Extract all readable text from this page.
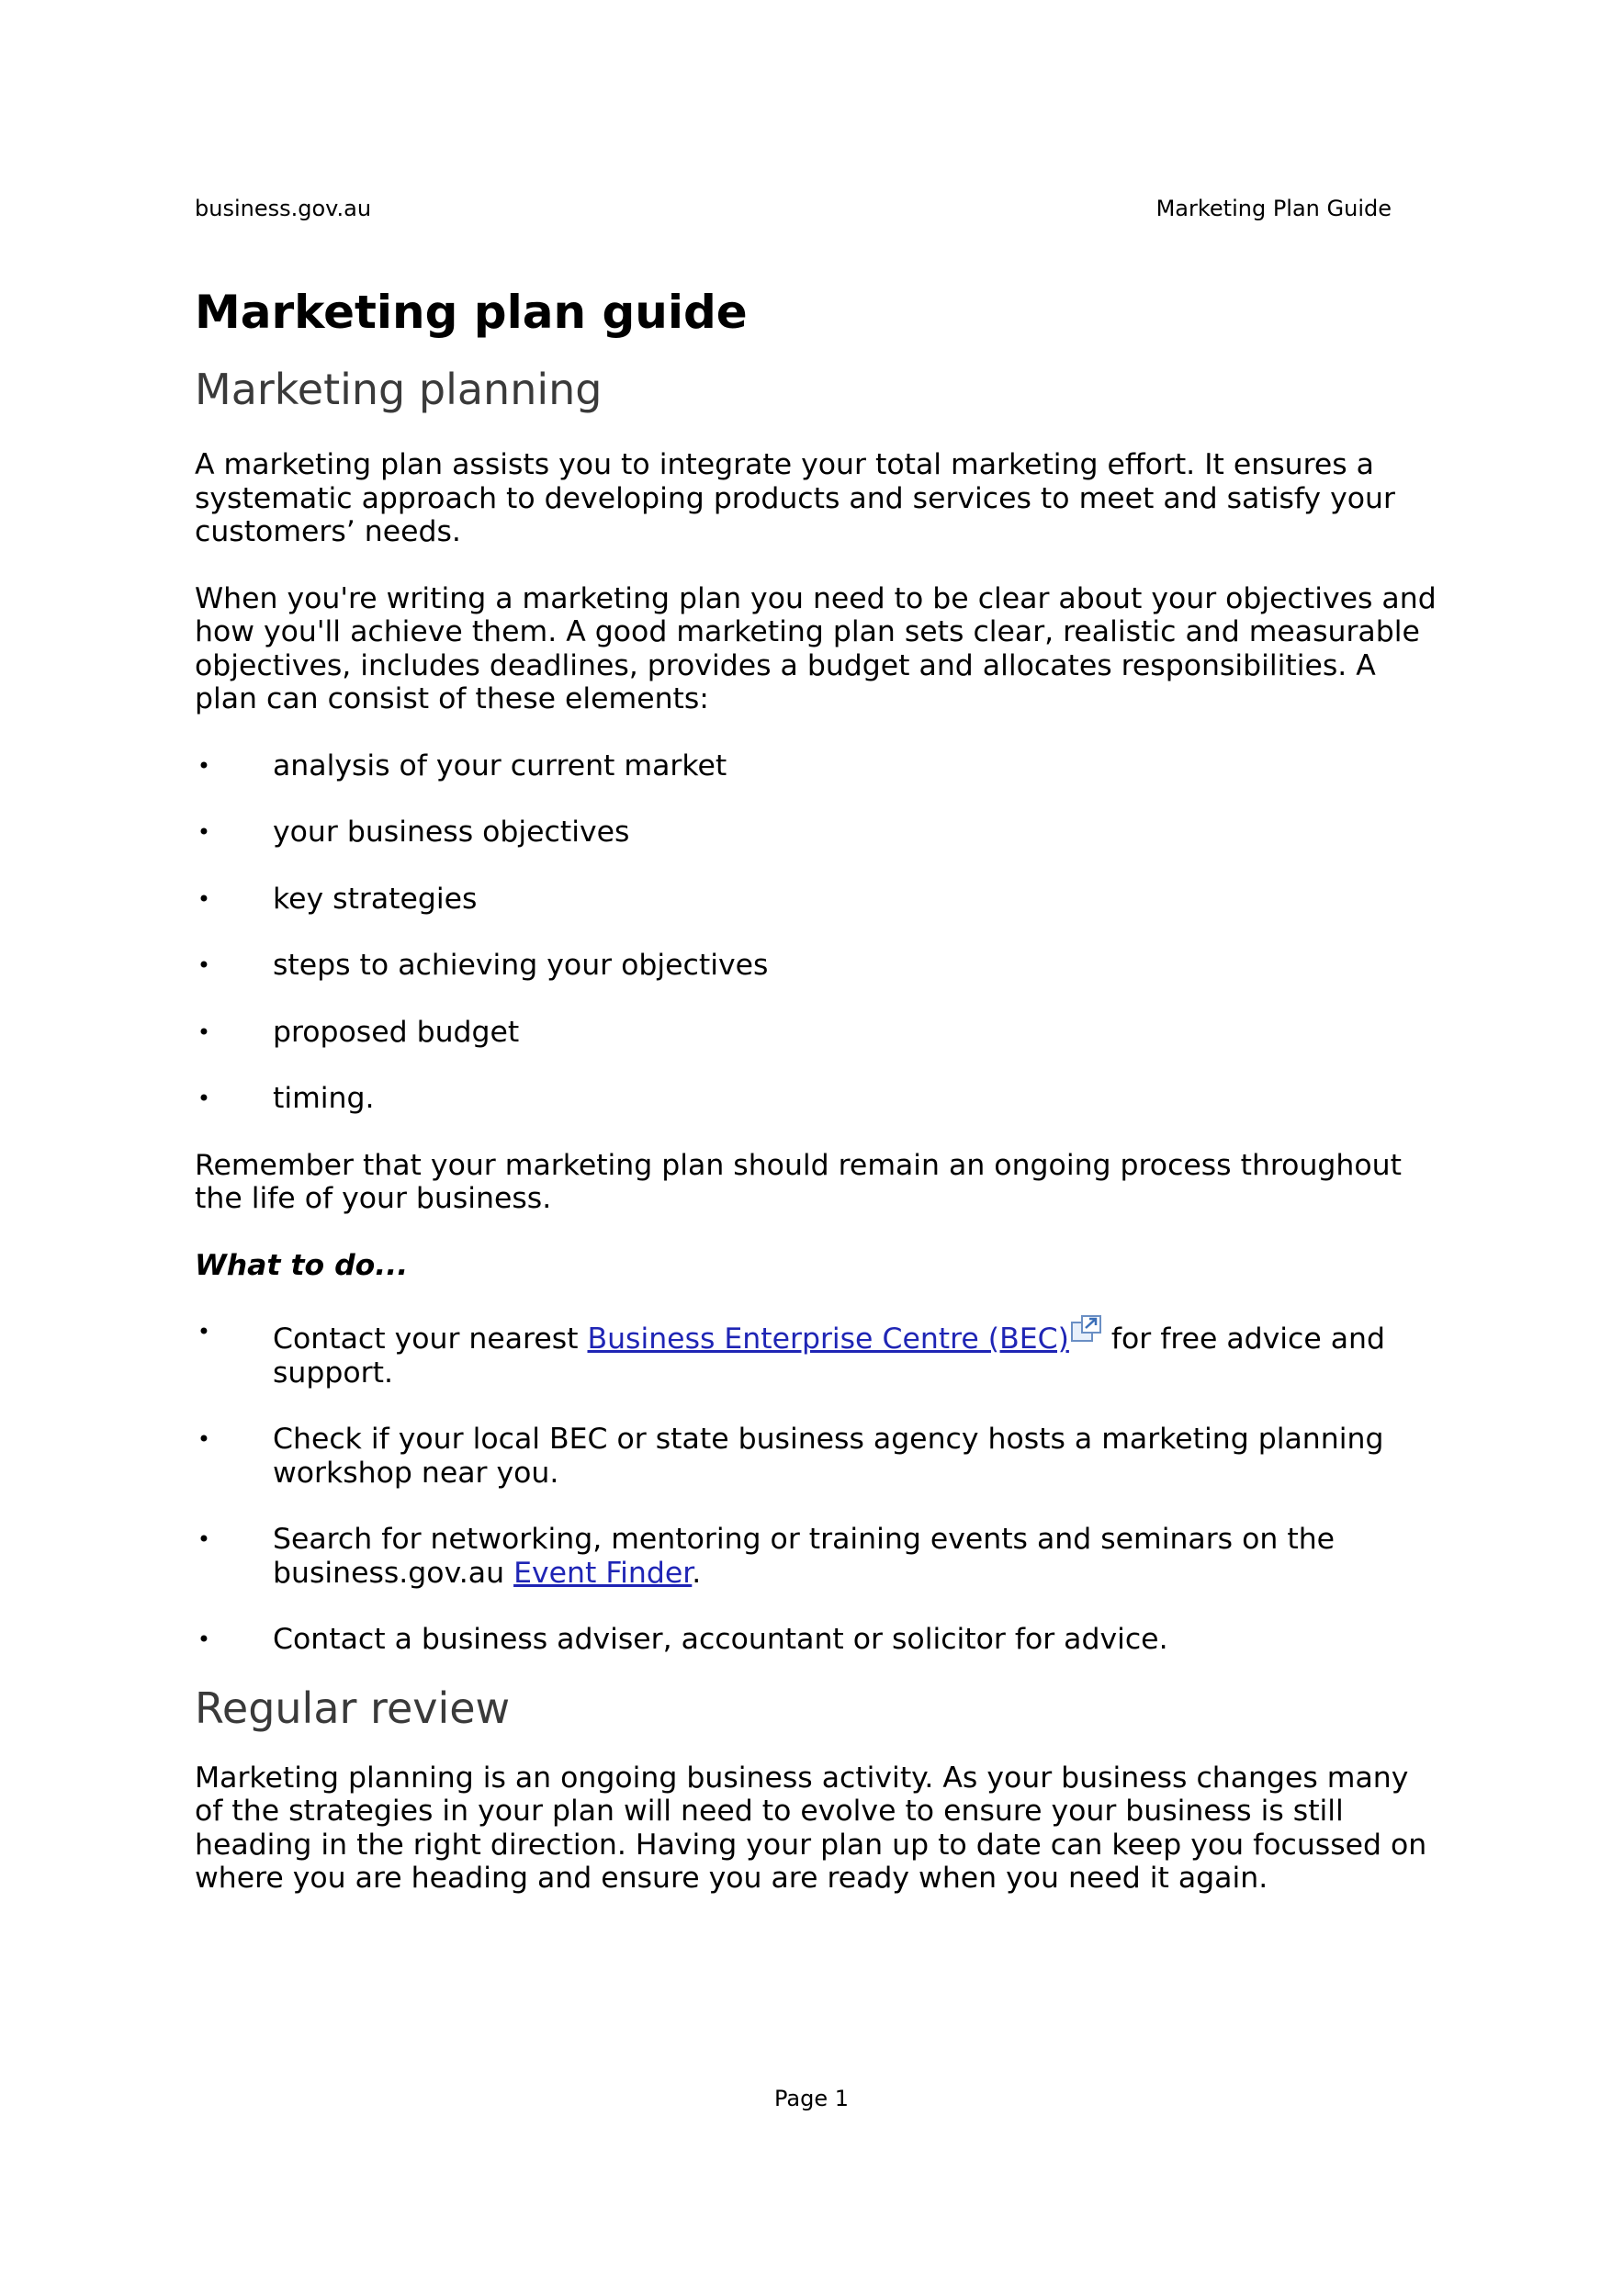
business.gov.au	Marketing Plan Guide
Marketing plan guide
Marketing planning

A marketing plan assists you to integrate your total marketing effort. It ensures a systematic approach to developing products and services to meet and satisfy your customers’ needs.

When you're writing a marketing plan you need to be clear about your objectives and how you'll achieve them. A good marketing plan sets clear, realistic and measurable objectives, includes deadlines, provides a budget and allocates responsibilities. A plan can consist of these elements:

• analysis of your current market
• your business objectives
• key strategies
• steps to achieving your objectives
• proposed budget
• timing.

Remember that your marketing plan should remain an ongoing process throughout the life of your business.

What to do...

• Contact your nearest Business Enterprise Centre (BEC) for free advice and support.
• Check if your local BEC or state business agency hosts a marketing planning workshop near you.
• Search for networking, mentoring or training events and seminars on the business.gov.au Event Finder.
• Contact a business adviser, accountant or solicitor for advice.
Regular review

Marketing planning is an ongoing business activity. As your business changes many of the strategies in your plan will need to evolve to ensure your business is still heading in the right direction. Having your plan up to date can keep you focussed on where you are heading and ensure you are ready when you need it again.

Page 1
